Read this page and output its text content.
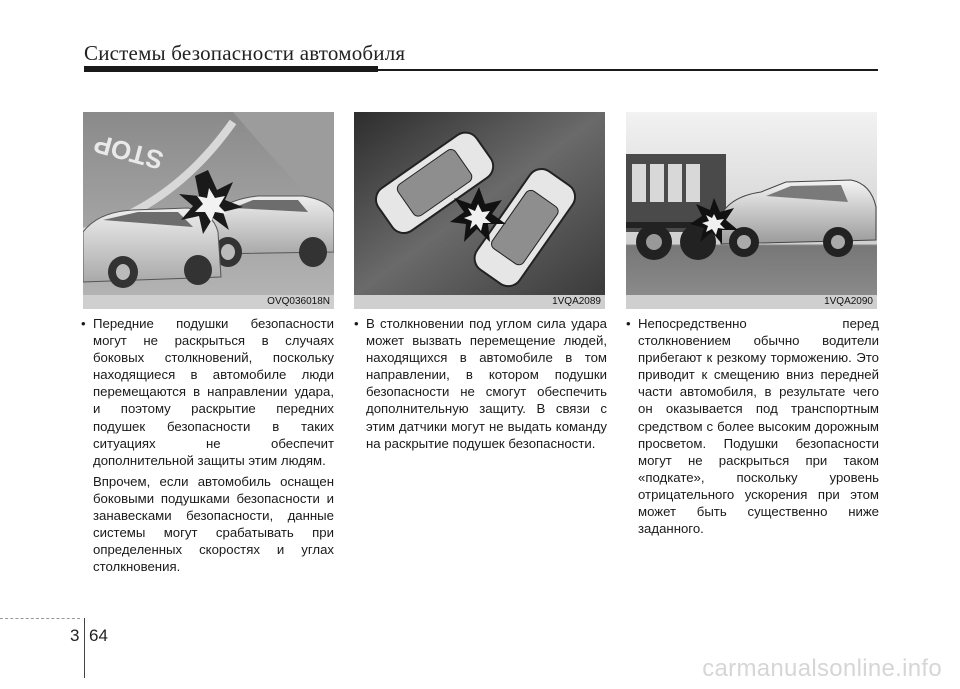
Системы безопасности автомобиля
STOP
OVQ036018N	1VQA2089	1VQA2090

• Передние подушки безопасности могут не раскрыться в случаях боковых столкновений, поскольку находящиеся в автомобиле люди перемещаются в направлении удара, и поэтому раскрытие передних подушек безопасности в таких ситуациях не обеспечит дополнительной защиты этим людям.

Впрочем, если автомобиль оснащен боковыми подушками безопасности и занавесками безопасности, данные системы могут срабатывать при определенных скоростях и углах столкновения.

• В столкновении под углом сила удара может вызвать перемещение людей, находящихся в автомобиле в том направлении, в котором подушки безопасности не смогут обеспечить дополнительную защиту. В связи с этим датчики могут не выдать команду на раскрытие подушек безопасности.

• Непосредственно перед столкновением обычно водители прибегают к резкому торможению. Это приводит к смещению вниз передней части автомобиля, в результате чего он оказывается под транспортным средством с более высоким дорожным просветом. Подушки безопасности могут не раскрыться при таком «подкате», поскольку уровень отрицательного ускорения при этом может быть существенно ниже заданного.

3 64
carmanualsonline.info
